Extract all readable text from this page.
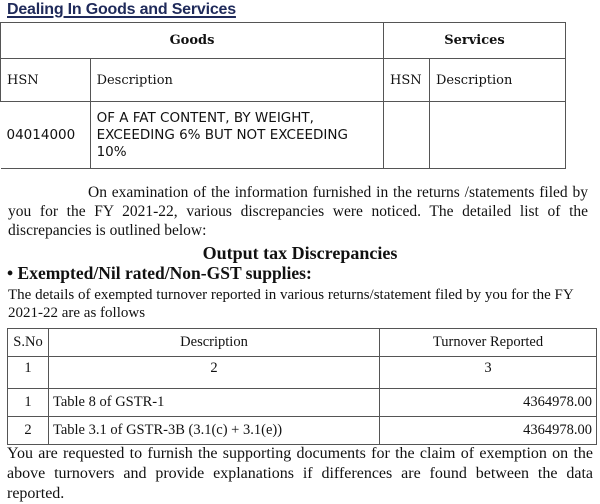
Dealing In Goods and Services
Goods		Services	
HSN	Description	HSN	Description
04014000	OF A FAT CONTENT, BY WEIGHT, EXCEEDING 6% BUT NOT EXCEEDING 10%		
On examination of the information furnished in the returns /statements filed by you for the FY 2021-22, various discrepancies were noticed. The detailed list of the discrepancies is outlined below:
Output tax Discrepancies
• Exempted/Nil rated/Non-GST supplies:
The details of exempted turnover reported in various returns/statement filed by you for the FY 2021-22 are as follows
S.No	Description	Turnover Reported
1	2	3
1	Table 8 of GSTR-1	4364978.00
2	Table 3.1 of GSTR-3B (3.1(c) + 3.1(e))	4364978.00
You are requested to furnish the supporting documents for the claim of exemption on the above turnovers and provide explanations if differences are found between the data reported.
